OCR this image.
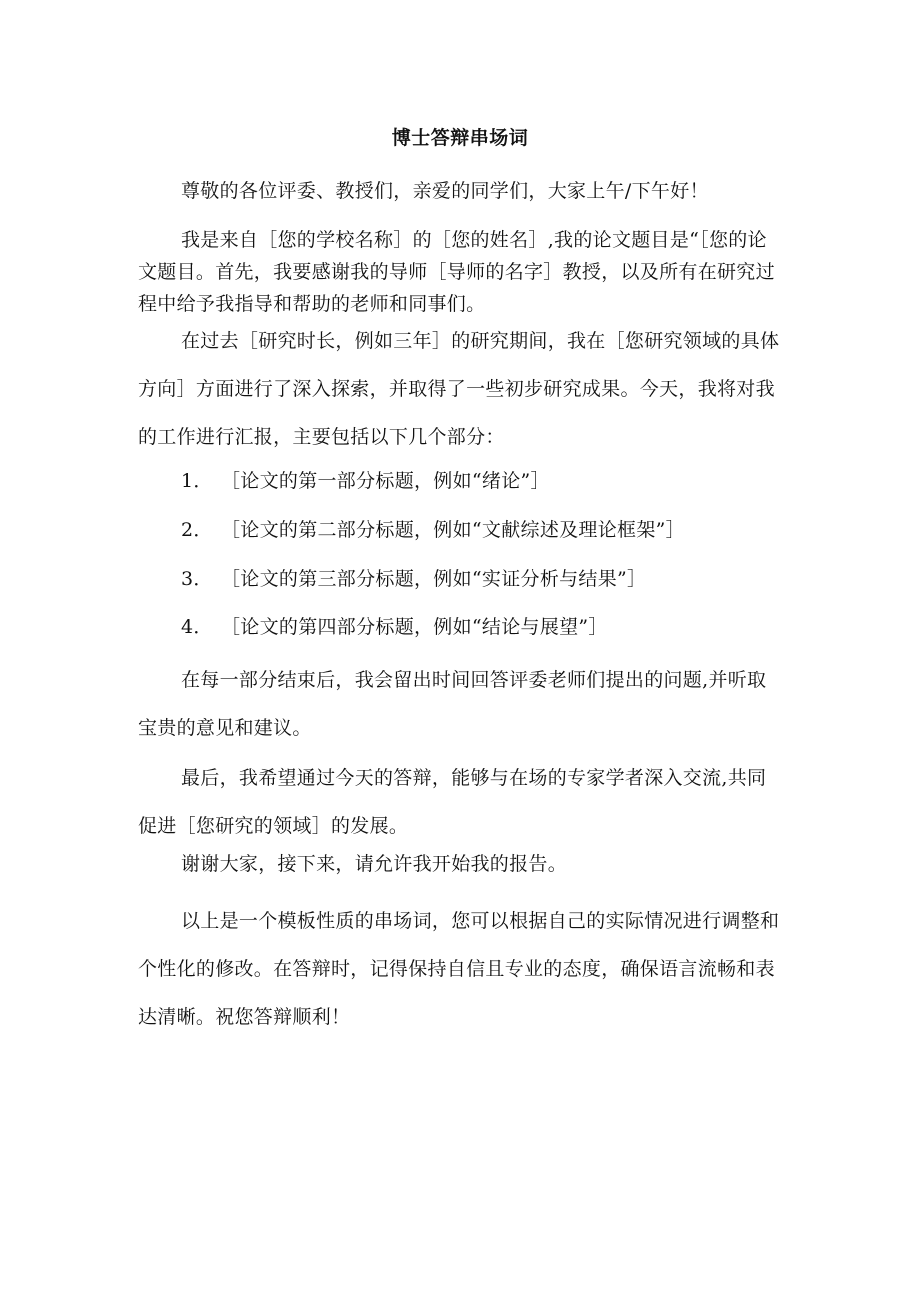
博士答辩串场词
尊敬的各位评委、教授们，亲爱的同学们，大家上午/下午好！
我是来自［您的学校名称］的［您的姓名］,我的论文题目是“［您的论文题目。首先，我要感谢我的导师［导师的名字］教授，以及所有在研究过程中给予我指导和帮助的老师和同事们。
在过去［研究时长，例如三年］的研究期间，我在［您研究领域的具体方向］方面进行了深入探索，并取得了一些初步研究成果。今天，我将对我的工作进行汇报，主要包括以下几个部分：
1． ［论文的第一部分标题，例如“绪论”］
2． ［论文的第二部分标题，例如“文献综述及理论框架”］
3． ［论文的第三部分标题，例如“实证分析与结果”］
4． ［论文的第四部分标题，例如“结论与展望”］
在每一部分结束后，我会留出时间回答评委老师们提出的问题,并听取宝贵的意见和建议。
最后，我希望通过今天的答辩，能够与在场的专家学者深入交流,共同促进［您研究的领域］的发展。
谢谢大家，接下来，请允许我开始我的报告。
以上是一个模板性质的串场词，您可以根据自己的实际情况进行调整和个性化的修改。在答辩时，记得保持自信且专业的态度，确保语言流畅和表达清晰。祝您答辩顺利！
